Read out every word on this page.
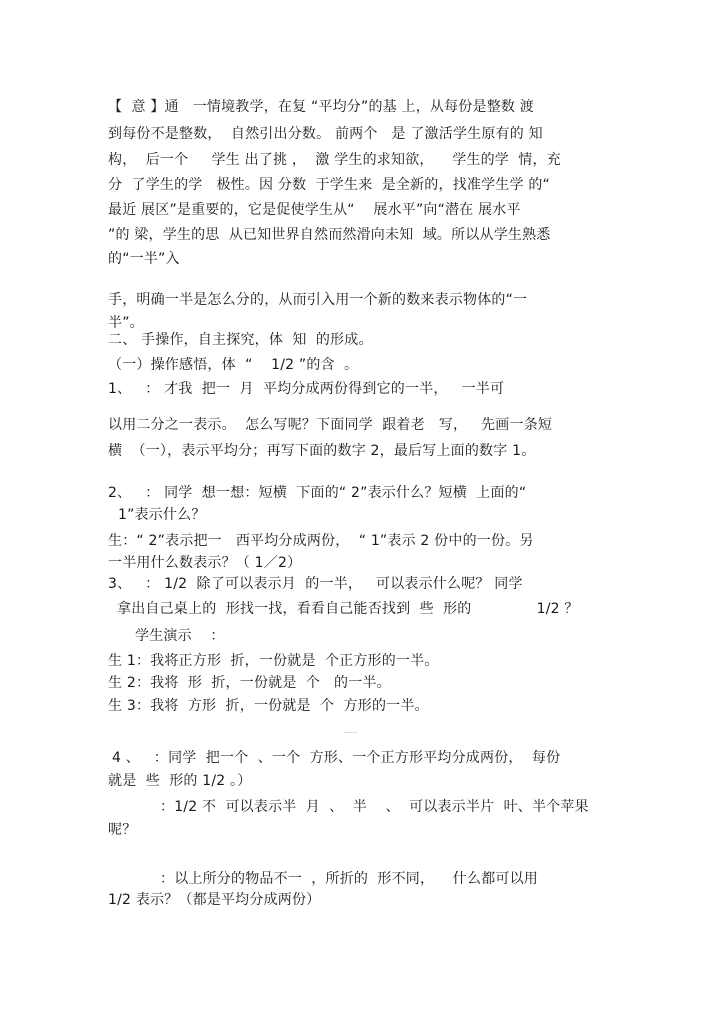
【  意 】通   一情境教学，在复 “平均分”的基 上，从每份是整数 渡
到每份不是整数，  自然引出分数。 前两个   是 了激活学生原有的 知
构，  后一个     学生 出了挑 ，  激 学生的求知欲，    学生的学  情，充
分  了学生的学   极性。因 分数  于学生来  是全新的，找准学生学 的“
最近 展区”是重要的，它是促使学生从“    展水平”向“潜在 展水平
”的 梁，学生的思  从已知世界自然而然滑向未知  域。所以从学生熟悉
的“一半”入
手，明确一半是怎么分的，从而引入用一个新的数来表示物体的“一
半”。
二、 手操作，自主探究，体  知  的形成。
（一）操作感悟，体  “    1/2 ”的含  。
1、   ： 才我  把一  月  平均分成两份得到它的一半，   一半可
以用二分之一表示。  怎么写呢？下面同学  跟着老   写，   先画一条短
横  （一），表示平均分；再写下面的数字 2，最后写上面的数字 1。
2、   ： 同学  想一想：短横  下面的“ 2”表示什么？短横  上面的“
1”表示什么？
生：“ 2”表示把一   西平均分成两份，  “ 1”表示 2 份中的一份。另
一半用什么数表示？（ 1／2）
3、   ： 1/2  除了可以表示月  的一半，   可以表示什么呢？ 同学
拿出自己桌上的  形找一找，看看自己能否找到  些  形的              1/2 ？
学生演示    ：
生 1：我将正方形  折，一份就是  个正方形的一半。
生 2：我将  形  折，一份就是  个   的一半。
生 3：我将  方形  折，一份就是  个  方形的一半。
……
4 、   ：同学  把一个  、一个  方形、一个正方形平均分成两份，  每份
就是  些  形的 1/2 。）
：1/2 不  可以表示半  月  、  半    、  可以表示半片  叶、半个苹果
呢？
：以上所分的物品不一  ，所折的  形不同，    什么都可以用
1/2 表示？（都是平均分成两份）
